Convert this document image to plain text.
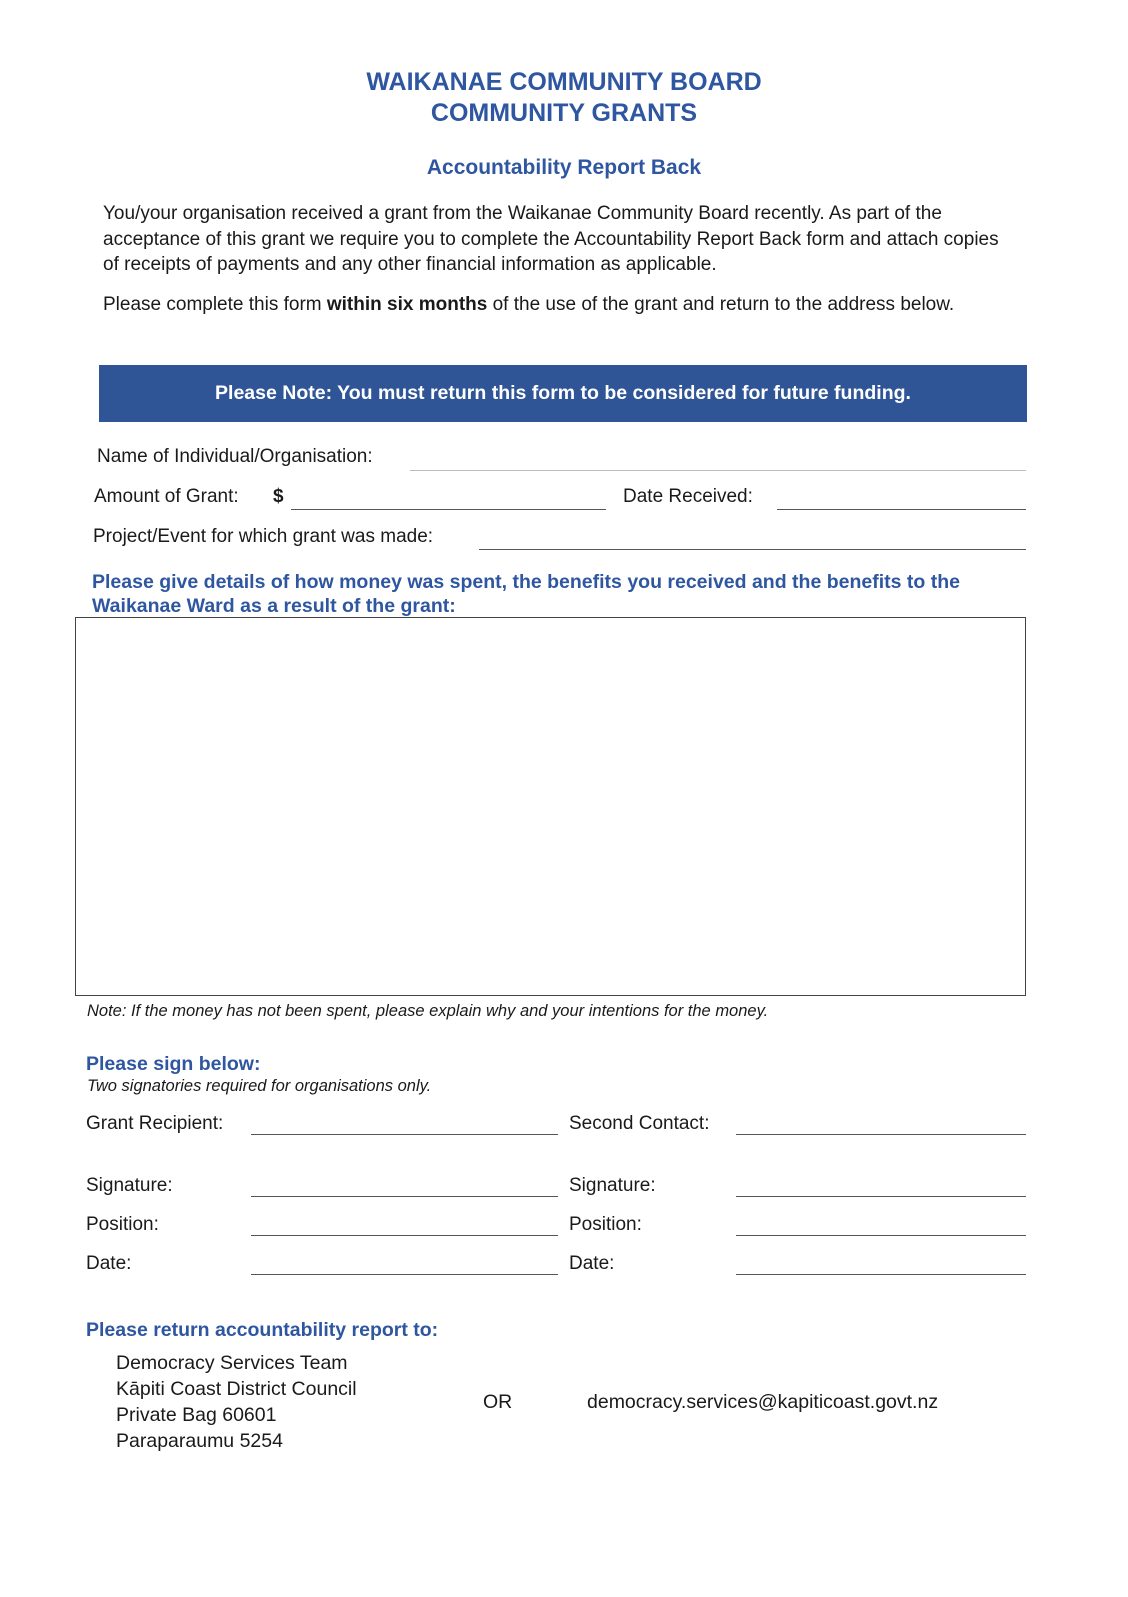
WAIKANAE COMMUNITY BOARD
COMMUNITY GRANTS
Accountability Report Back
You/your organisation received a grant from the Waikanae Community Board recently. As part of the acceptance of this grant we require you to complete the Accountability Report Back form and attach copies of receipts of payments and any other financial information as applicable.
Please complete this form within six months of the use of the grant and return to the address below.
Please Note: You must return this form to be considered for future funding.
Name of Individual/Organisation:
Amount of Grant: $	Date Received:
Project/Event for which grant was made:
Please give details of how money was spent, the benefits you received and the benefits to the Waikanae Ward as a result of the grant:
Note: If the money has not been spent, please explain why and your intentions for the money.
Please sign below:
Two signatories required for organisations only.
Grant Recipient:	Second Contact:
Signature:	Signature:
Position:	Position:
Date:	Date:
Please return accountability report to:
Democracy Services Team
Kāpiti Coast District Council
Private Bag 60601
Paraparaumu 5254
OR	democracy.services@kapiticoast.govt.nz
